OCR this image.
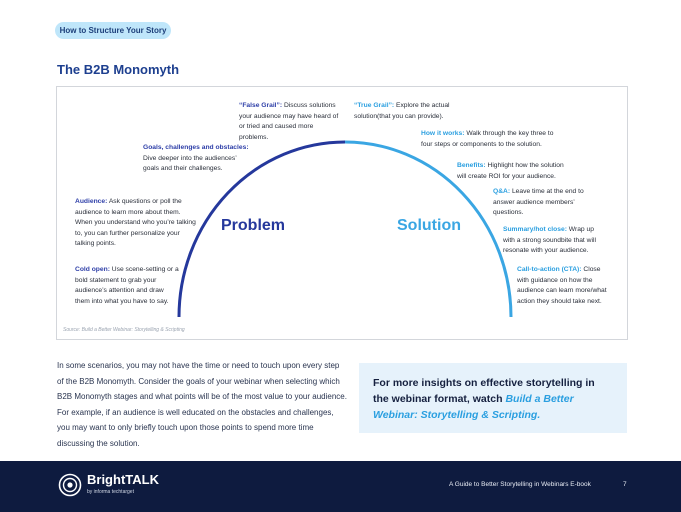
How to Structure Your Story
The B2B Monomyth
Problem	Solution
Cold open: Use scene-setting or a bold statement to grab your audience’s attention and draw them into what you have to say.
Audience: Ask questions or poll the audience to learn more about them. When you understand who you’re talking to, you can further personalize your talking points.
Goals, challenges and obstacles: Dive deeper into the audiences’ goals and their challenges.
“False Grail”: Discuss solutions your audience may have heard of or tried and caused more problems.
“True Grail”: Explore the actual solution(that you can provide).
How it works: Walk through the key three to four steps or components to the solution.
Benefits: Highlight how the solution will create ROI for your audience.
Q&A: Leave time at the end to answer audience members’ questions.
Summary/hot close: Wrap up with a strong soundbite that will resonate with your audience.
Call-to-action (CTA): Close with guidance on how the audience can learn more/what action they should take next.
Source: Build a Better Webinar: Storytelling & Scripting

In some scenarios, you may not have the time or need to touch upon every step of the B2B Monomyth. Consider the goals of your webinar when selecting which B2B Monomyth stages and what points will be of the most value to your audience. For example, if an audience is well educated on the obstacles and challenges, you may want to only briefly touch upon those points to spend more time discussing the solution.

For more insights on effective storytelling in the webinar format, watch Build a Better Webinar: Storytelling & Scripting.
BrightTALK
by informa techtarget
A Guide to Better Storytelling in Webinars E-book	7
